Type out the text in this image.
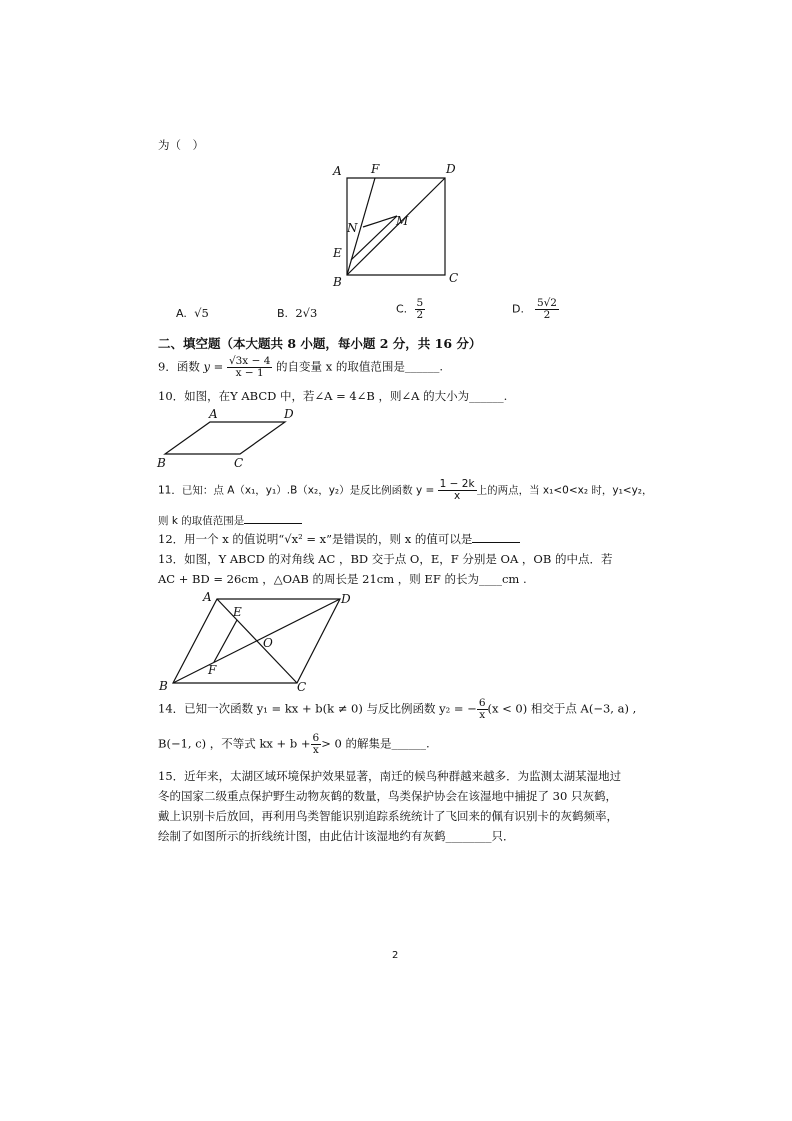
为（　）
A F	D
N	M
E
B	C
A. √5	B. 2√3	C. $\frac{5}{2}$	D. $\frac{5√2}{2}$
二、填空题（本大题共 8 小题，每小题 2 分，共 16 分）
9．函数 $y = \frac{√3x - 4}{x - 1}$ 的自变量 x 的取值范围是______.
10．如图，在Y ABCD 中，若∠A = 4∠B ，则∠A 的大小为______.
A	D
B	C
11．已知：点 A（x₁，y₁）.B（x₂，y₂）是反比例函数 $y = \frac{1 - 2k}{x}$ 上的两点，当 x₁<0<x₂ 时，y₁<y₂，
则 k 的取值范围是
12．用一个 x 的值说明“√x² = x”是错误的，则 x 的值可以是
13．如图，Y ABCD 的对角线 AC ，BD 交于点 O，E，F 分别是 OA ，OB 的中点．若
AC + BD = 26cm ，△OAB 的周长是 21cm ，则 EF 的长为____cm .
A
E
D
O
F
B	C
14．已知一次函数 y₁ = kx + b(k ≠ 0) 与反比例函数 y₂ = − $\frac{6}{x} (x < 0)$ 相交于点 A(−3, a) ,
B(−1, c) ，不等式 kx + $b + \frac{6}{x} > 0$ 的解集是______.
15．近年来，太湖区域环境保护效果显著，南迁的候鸟种群越来越多．为监测太湖某湿地过
冬的国家二级重点保护野生动物灰鹤的数量，鸟类保护协会在该湿地中捕捉了 30 只灰鹤，
戴上识别卡后放回，再利用鸟类智能识别追踪系统统计了飞回来的佩有识别卡的灰鹤频率，
绘制了如图所示的折线统计图，由此估计该湿地约有灰鹤________只．
2
